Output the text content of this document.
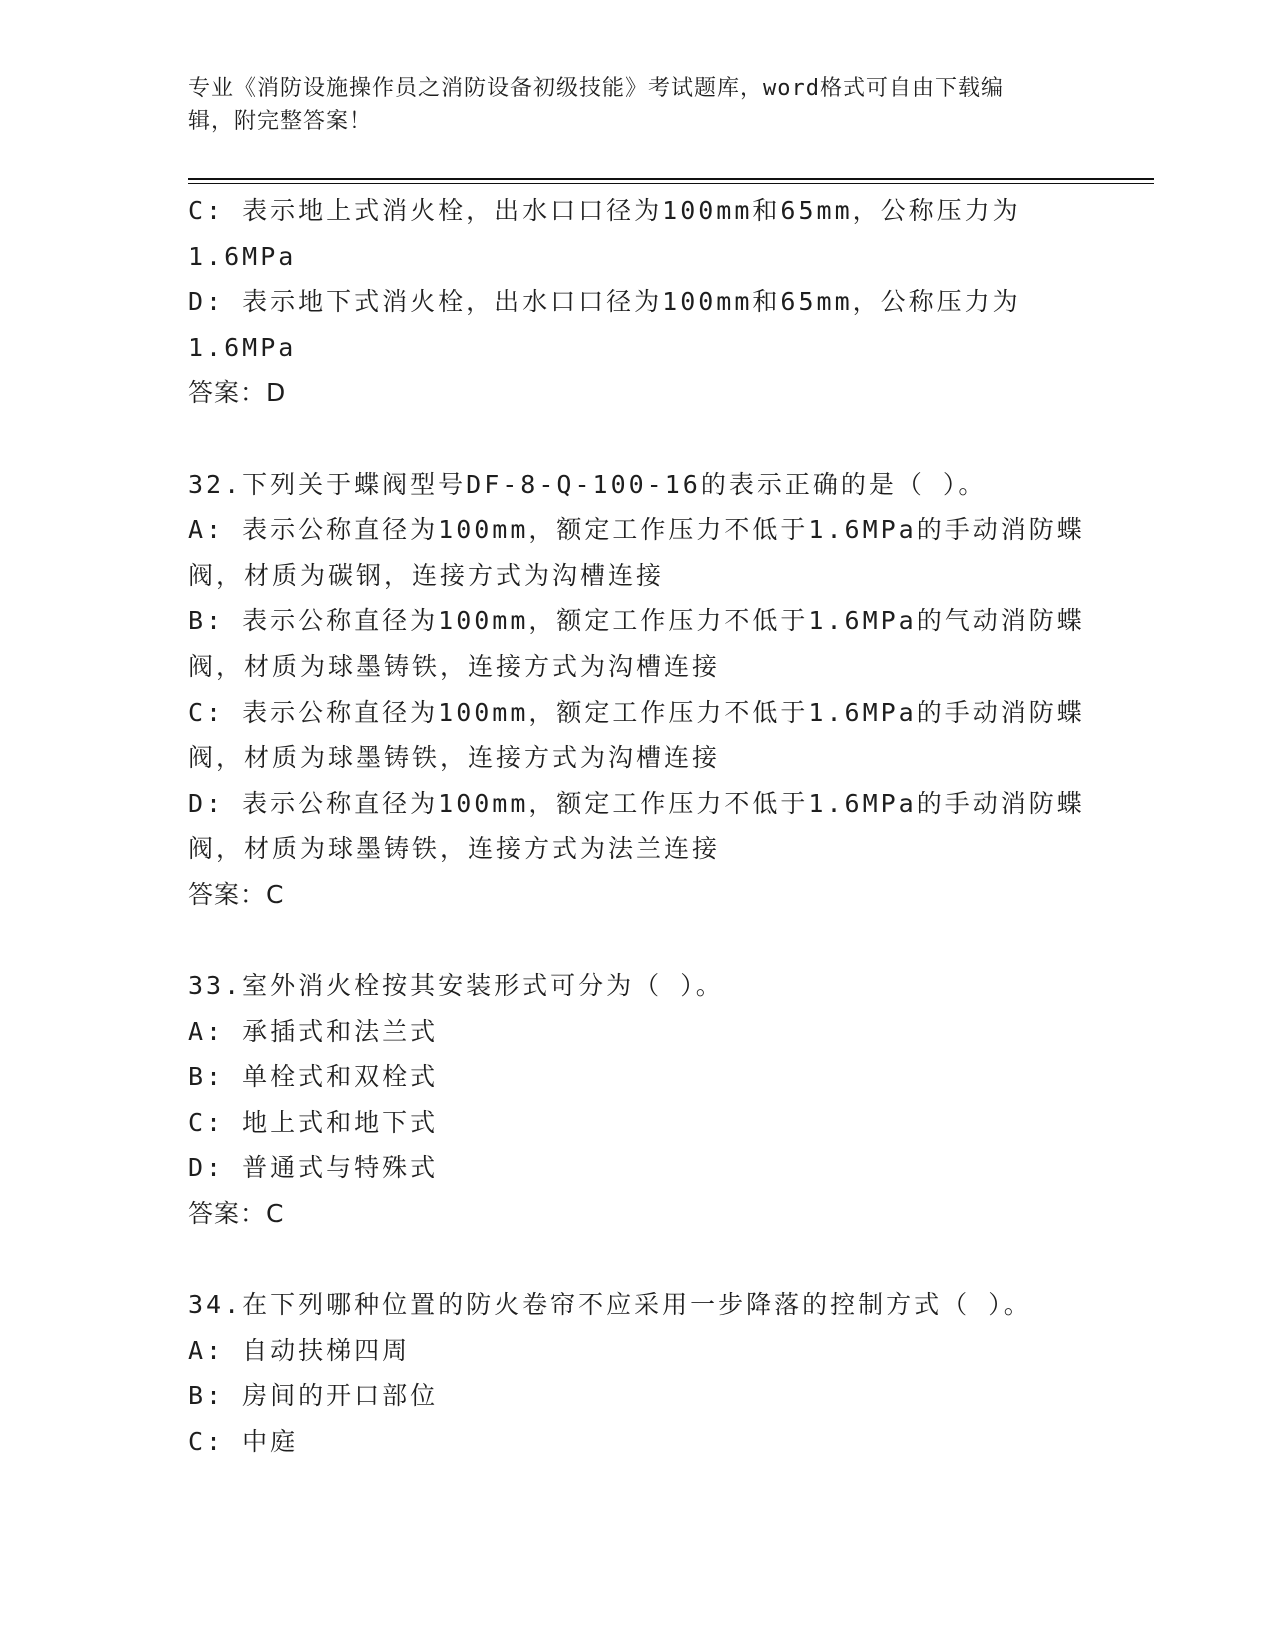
专业《消防设施操作员之消防设备初级技能》考试题库，word格式可自由下载编
辑，附完整答案！
C: 表示地上式消火栓，出水口口径为100mm和65mm，公称压力为
1.6MPa
D: 表示地下式消火栓，出水口口径为100mm和65mm，公称压力为
1.6MPa
答案：D
32.下列关于蝶阀型号DF-8-Q-100-16的表示正确的是（ ）。
A: 表示公称直径为100mm，额定工作压力不低于1.6MPa的手动消防蝶
阀，材质为碳钢，连接方式为沟槽连接
B: 表示公称直径为100mm，额定工作压力不低于1.6MPa的气动消防蝶
阀，材质为球墨铸铁，连接方式为沟槽连接
C: 表示公称直径为100mm，额定工作压力不低于1.6MPa的手动消防蝶
阀，材质为球墨铸铁，连接方式为沟槽连接
D: 表示公称直径为100mm，额定工作压力不低于1.6MPa的手动消防蝶
阀，材质为球墨铸铁，连接方式为法兰连接
答案：C
33.室外消火栓按其安装形式可分为（ ）。
A: 承插式和法兰式
B: 单栓式和双栓式
C: 地上式和地下式
D: 普通式与特殊式
答案：C
34.在下列哪种位置的防火卷帘不应采用一步降落的控制方式（ ）。
A: 自动扶梯四周
B: 房间的开口部位
C: 中庭
